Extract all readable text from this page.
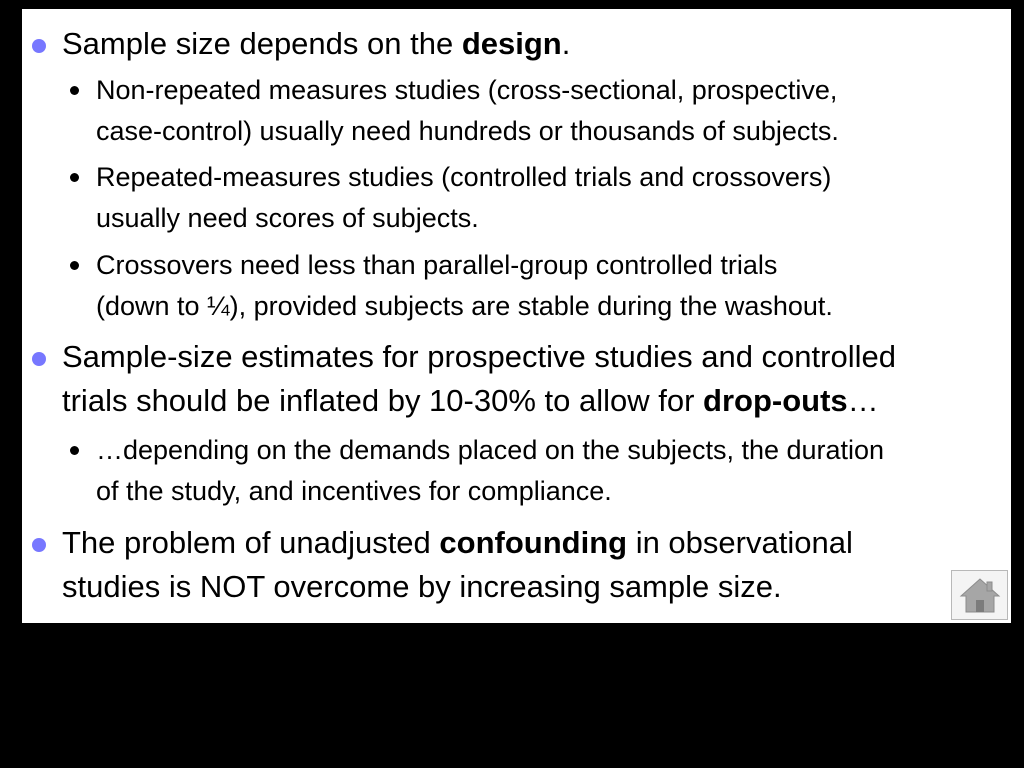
Sample size depends on the design.
Non-repeated measures studies (cross-sectional, prospective,
case-control) usually need hundreds or thousands of subjects.
Repeated-measures studies (controlled trials and crossovers)
usually need scores of subjects.
Crossovers need less than parallel-group controlled trials
(down to ¼), provided subjects are stable during the washout.
Sample-size estimates for prospective studies and controlled
trials should be inflated by 10-30% to allow for drop-outs…
…depending on the demands placed on the subjects, the duration
of the study, and incentives for compliance.
The problem of unadjusted confounding in observational
studies is NOT overcome by increasing sample size.
